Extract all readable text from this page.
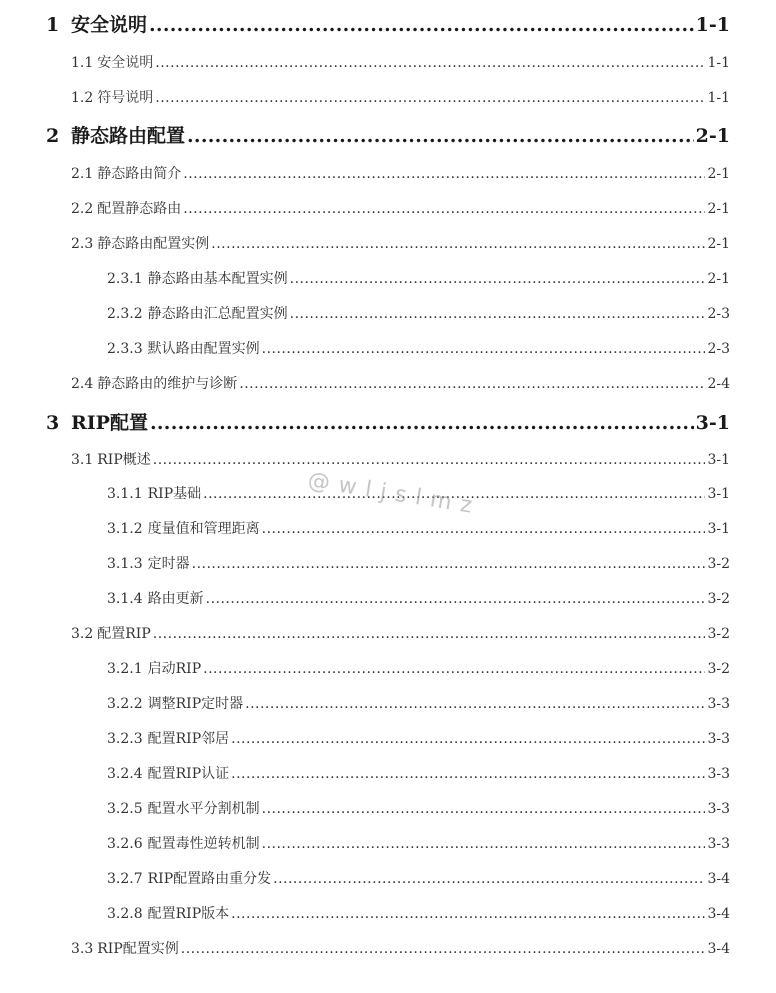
1 安全说明 .....	1-1
1.1 安全说明 .....	1-1
1.2 符号说明 .....	1-1
2 静态路由配置 .....	2-1
2.1 静态路由简介 .....	2-1
2.2 配置静态路由 .....	2-1
2.3 静态路由配置实例 .....	2-1
2.3.1 静态路由基本配置实例 .....	2-1
2.3.2 静态路由汇总配置实例 .....	2-3
2.3.3 默认路由配置实例 .....	2-3
2.4 静态路由的维护与诊断 .....	2-4
3 RIP配置 .....	3-1
3.1 RIP概述 .....	3-1
3.1.1 RIP基础 .....	3-1
3.1.2 度量值和管理距离 .....	3-1
3.1.3 定时器 .....	3-2
3.1.4 路由更新 .....	3-2
3.2 配置RIP .....	3-2
3.2.1 启动RIP .....	3-2
3.2.2 调整RIP定时器 .....	3-3
3.2.3 配置RIP邻居 .....	3-3
3.2.4 配置RIP认证 .....	3-3
3.2.5 配置水平分割机制 .....	3-3
3.2.6 配置毒性逆转机制 .....	3-3
3.2.7 RIP配置路由重分发 .....	3-4
3.2.8 配置RIP版本 .....	3-4
3.3 RIP配置实例 .....	3-4
@wljslmz
